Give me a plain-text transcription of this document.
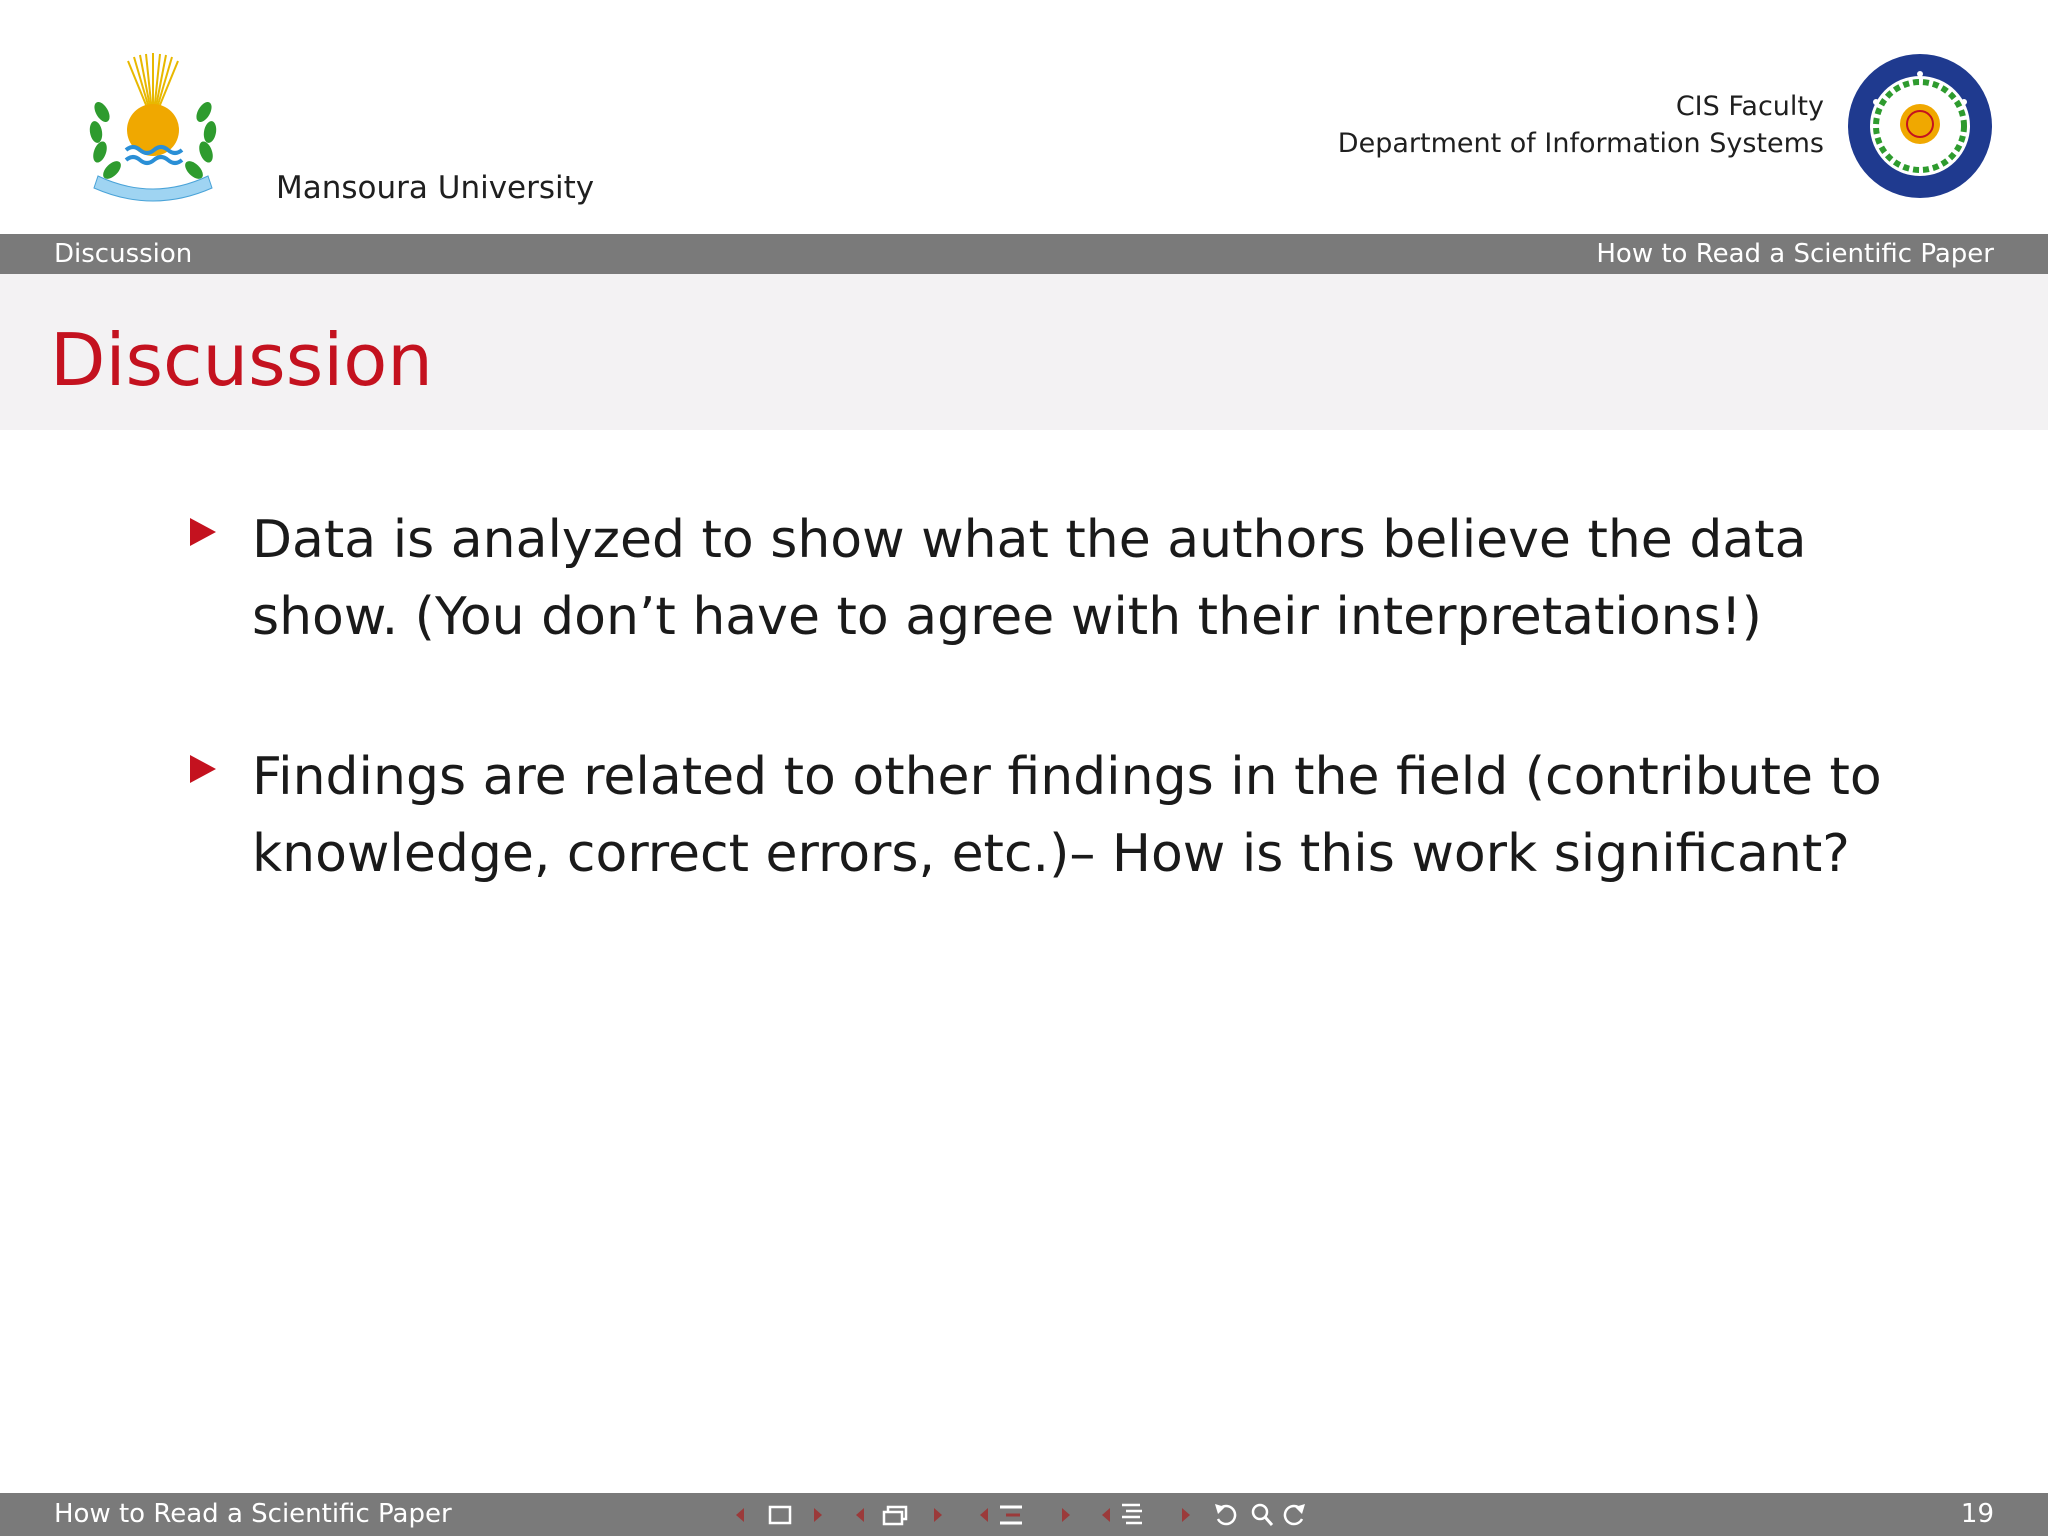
Mansoura University
CIS Faculty
Department of Information Systems
Discussion	How to Read a Scientific Paper
Discussion
Data is analyzed to show what the authors believe the data show. (You don’t have to agree with their interpretations!)
Findings are related to other findings in the field (contribute to knowledge, correct errors, etc.)– How is this work significant?
How to Read a Scientific Paper	19
